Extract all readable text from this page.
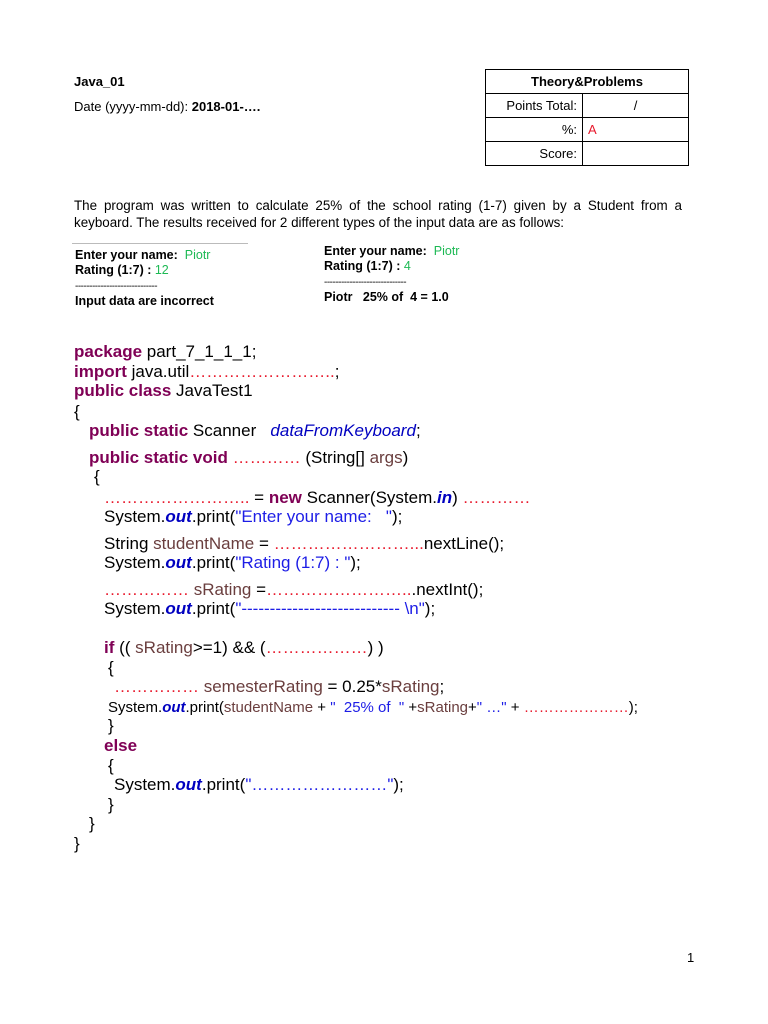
Java_01
Date (yyyy-mm-dd): 2018-01-….
Theory&Problems	
Points Total:	/
%:	A
Score:	
The program was written to calculate 25% of the school rating (1-7) given by a Student from a keyboard. The results received for 2 different types of the input data are as follows:
Enter your name:  Piotr
Rating (1:7) : 12
-----------------------------
Input data are incorrect
Enter your name:  Piotr
Rating (1:7) : 4
-----------------------------
Piotr   25% of  4 = 1.0
package part_7_1_1_1;
import java.util……………………..;
public class JavaTest1
{
public static Scanner   dataFromKeyboard;
public static void ………… (String[] args)
{
…………………….. = new Scanner(System.in) …………
System.out.print("Enter your name:   ");
String studentName = ……………………...nextLine();
System.out.print("Rating (1:7) : ");
…………… sRating =……………………...nextInt();
System.out.print("---------------------------- \n");
if (( sRating>=1) && (………………) )
{
…………… semesterRating = 0.25*sRating;
System.out.print(studentName + "  25% of  " +sRating+" …" + …………………);
}
else
{
System.out.print("……………………");
}
}
}
1
